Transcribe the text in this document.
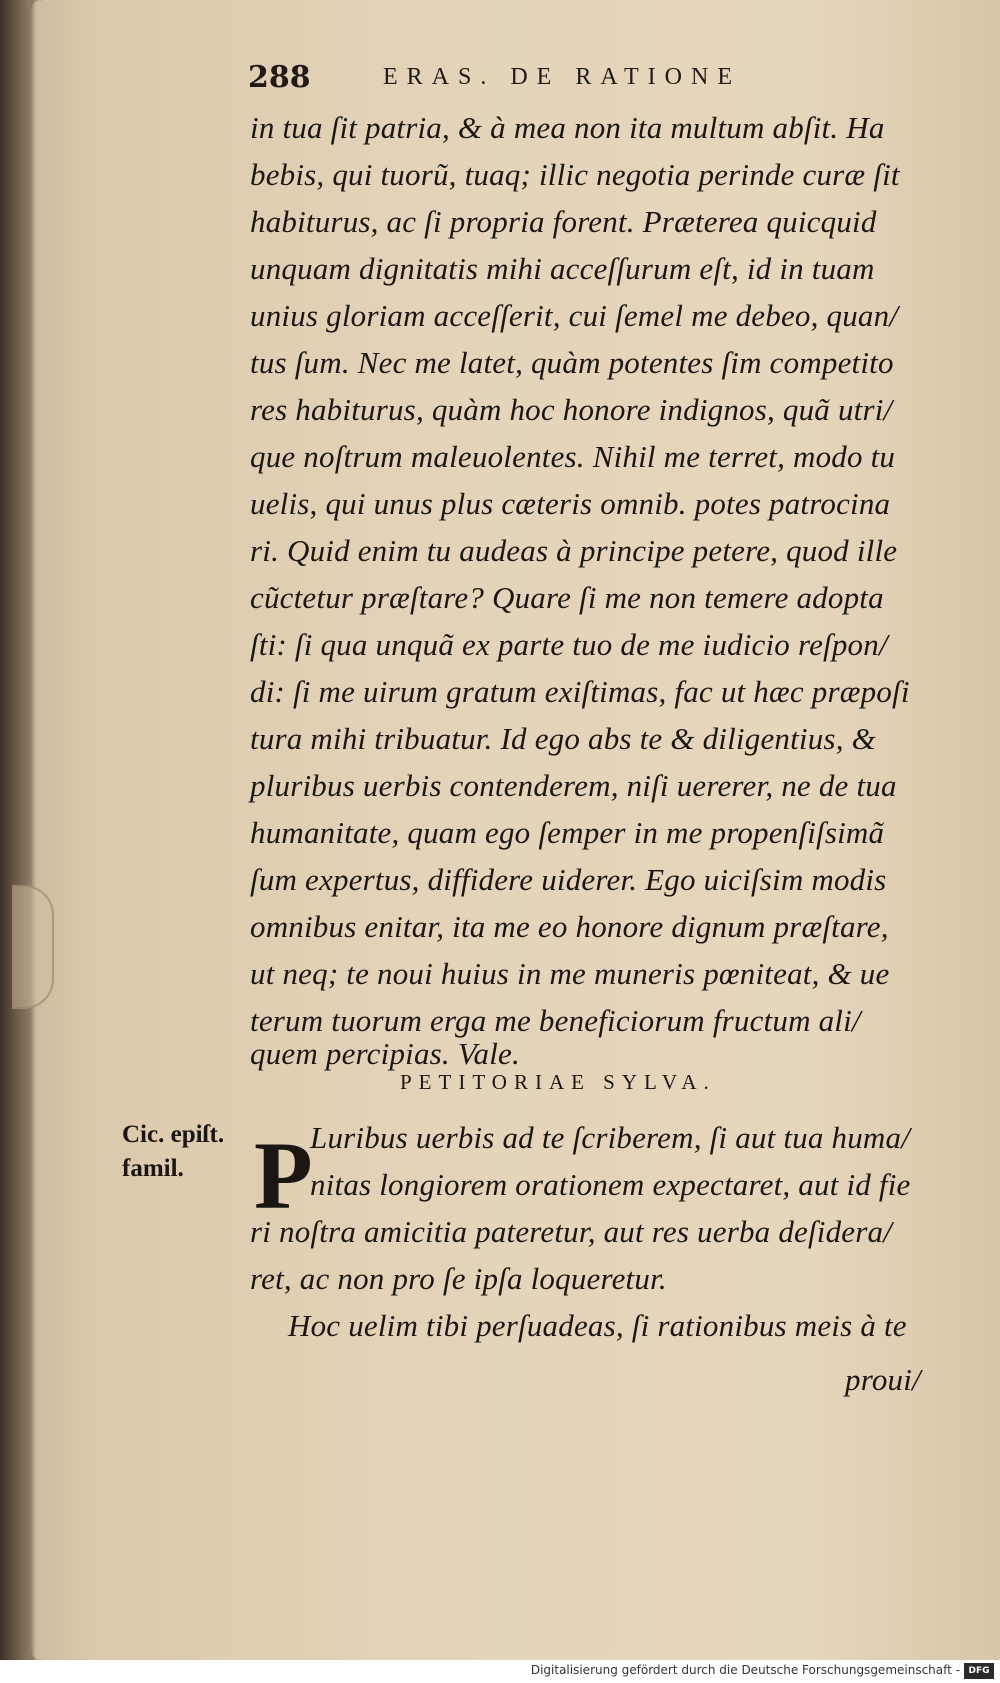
288	ERAS. DE RATIONE
in tua ſit patria, & à mea non ita multum abſit. Ha
bebis, qui tuorũ, tuaq; illic negotia perinde curæ ſit
habiturus, ac ſi propria forent. Præterea quicquid
unquam dignitatis mihi acceſſurum eſt, id in tuam
unius gloriam acceſſerit, cui ſemel me debeo, quan/
tus ſum. Nec me latet, quàm potentes ſim competito
res habiturus, quàm hoc honore indignos, quã utri/
que noſtrum maleuolentes. Nihil me terret, modo tu
uelis, qui unus plus cæteris omnib. potes patrocina
ri. Quid enim tu audeas à principe petere, quod ille
cũctetur præſtare? Quare ſi me non temere adopta
ſti: ſi qua unquã ex parte tuo de me iudicio reſpon/
di: ſi me uirum gratum exiſtimas, fac ut hæc præpoſi
tura mihi tribuatur. Id ego abs te & diligentius, &
pluribus uerbis contenderem, niſi uererer, ne de tua
humanitate, quam ego ſemper in me propenſiſsimã
ſum expertus, diffidere uiderer. Ego uiciſsim modis
omnibus enitar, ita me eo honore dignum præſtare,
ut neq; te noui huius in me muneris pœniteat, & ue
terum tuorum erga me beneficiorum fructum ali/
quem percipias. Vale.
PETITORIAE SYLVA.
Cic. epiſt.
famil. P
Luribus uerbis ad te ſcriberem, ſi aut tua huma/
nitas longiorem orationem expectaret, aut id fie
ri noſtra amicitia pateretur, aut res uerba deſidera/
ret, ac non pro ſe ipſa loqueretur.
Hoc uelim tibi perſuadeas, ſi rationibus meis à te
proui/
Digitalisierung gefördert durch die Deutsche Forschungsgemeinschaft - DFG
